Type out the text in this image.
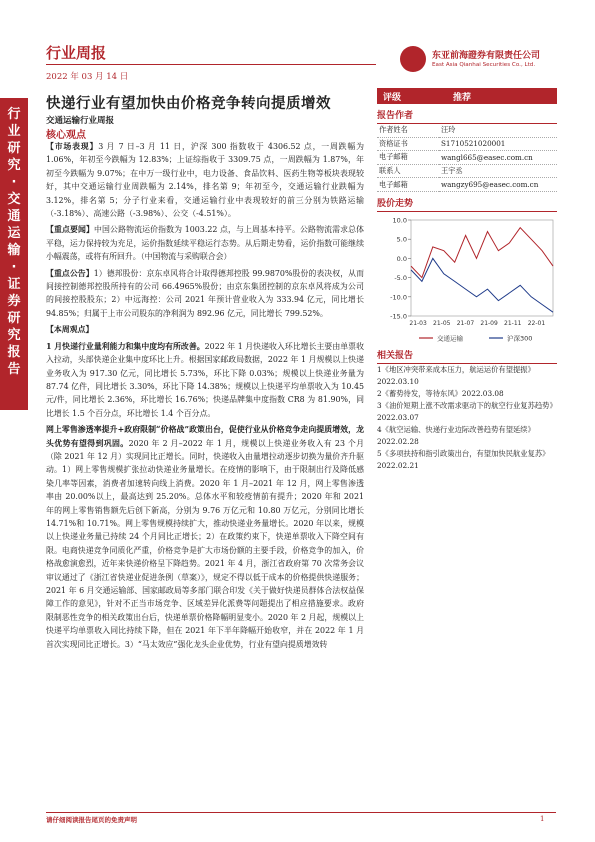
行业周报
2022 年 03 月 14 日
东亚前海證券有限责任公司
East Asia Qianhai Securities Co., Ltd.
行业研究·交通运输·证券研究报告
快递行业有望加快由价格竞争转向提质增效
交通运输行业周报
核心观点

【市场表现】3 月 7 日–3 月 11 日，沪深 300 指数收于 4306.52 点，一周跌幅为 1.06%，年初至今跌幅为 12.83%；上证综指收于 3309.75 点，一周跌幅为 1.87%，年初至今跌幅为 9.07%；在中万一级行业中，电力设备、食品饮料、医药生物等板块表现较好，其中交通运输行业周跌幅为 2.14%，排名第 9；年初至今，交通运输行业跌幅为 3.12%，排名第 5；分子行业来看，交通运输行业中表现较好的前三分别为铁路运输（-3.18%）、高速公路（-3.98%）、公交（-4.51%）。

【重点要闻】中国公路物流运价指数为 1003.22 点，与上周基本持平。公路物流需求总体平稳，运力保持较为充足，运价指数延续平稳运行态势。从后期走势看，运价指数可能继续小幅震荡，或将有所回升。（中国物流与采购联合会）

【重点公告】1）德邦股份：京东卓风将合计取得德邦控股 99.9870%股份的表决权，从而间接控制德邦控股所持有的公司 66.4965%股份；由京东集团控制的京东卓风将成为公司的间接控股股东；2）中远海控：公司 2021 年预计营业收入为 333.94 亿元，同比增长 94.85%；归属于上市公司股东的净利润为 892.96 亿元，同比增长 799.52%。

【本周观点】

1 月快递行业量利能力和集中度均有所改善。2022 年 1 月快递收入环比增长主要由单票收入拉动，头部快递企业集中度环比上升。根据国家邮政局数据，2022 年 1 月规模以上快递业务收入为 917.30 亿元，同比增长 5.73%，环比下降 0.03%；规模以上快递业务量为 87.74 亿件，同比增长 3.30%，环比下降 14.38%；规模以上快递平均单票收入为 10.45 元/件，同比增长 2.36%，环比增长 16.76%；快递品牌集中度指数 CR8 为 81.90%，同比增长 1.5 个百分点，环比增长 1.4 个百分点。

网上零售渗透率提升+政府限制“价格战”政策出台，促使行业从价格竞争走向提质增效，龙头优势有望得到巩固。2020 年 2 月–2022 年 1 月，规模以上快递业务收入有 23 个月（除 2021 年 12 月）实现同比正增长。同时，快递收入由量增拉动逐步切换为量价齐升驱动。1）网上零售规模扩张拉动快递业务量增长。在疫情的影响下，由于限制出行及降低感染几率等因素，消费者加速转向线上消费。2020 年 1 月–2021 年 12 月，网上零售渗透率由 20.00%以上，最高达到 25.20%。总体水平和较疫情前有提升；2020 年和 2021 年的网上零售销售额先后创下新高，分别为 9.76 万亿元和 10.80 万亿元，分别同比增长 14.71%和 10.71%。网上零售规模持续扩大，推动快递业务量增长。2020 年以来，规模以上快递业务量已持续 24 个月同比正增长；2）在政策约束下，快递单票收入下降空间有限。电商快递竞争同质化严重，价格竞争是扩大市场份额的主要手段，价格竞争的加入，价格战愈演愈烈，近年来快递价格呈下降趋势。2021 年 4 月，浙江省政府第 70 次常务会议审议通过了《浙江省快递业促进条例（草案）》，规定不得以低于成本的价格提供快递服务；2021 年 6 月交通运输部、国家邮政局等多部门联合印发《关于做好快递员群体合法权益保障工作的意见》，针对不正当市场竞争、区域差异化派费等问题提出了相应措施要求。政府限制恶性竞争的相关政策出台后，快递单票价格降幅明显变小。2020 年 2 月起，规模以上快递平均单票收入同比持续下降，但在 2021 年下半年降幅开始收窄，并在 2022 年 1 月首次实现同比正增长。3）“马太效应”强化龙头企业优势，行业有望向提质增效转

评级	推荐
报告作者
作者姓名	汪玲
资格证书	S1710521020001
电子邮箱	wangl665@easec.com.cn
联系人	王宇丞
电子邮箱	wangzy695@easec.com.cn
股价走势
10.0
5.0
0.0
-5.0
-10.0
-15.0
21-03 21-05 21-07 21-09 21-11 22-01
交通运输	沪深300
相关报告

1《地区冲突带来成本压力，航运运价有望提振》2022.03.10

2《蓄势待发，等待东风》2022.03.08

3《油价短期上涨不改需求驱动下的航空行业复苏趋势》2022.03.07

4《航空运输、快递行业边际改善趋势有望延续》2022.02.28

5《多项扶持和指引政策出台，有望加快民航业复苏》2022.02.21

请仔细阅读报告尾页的免责声明	1
